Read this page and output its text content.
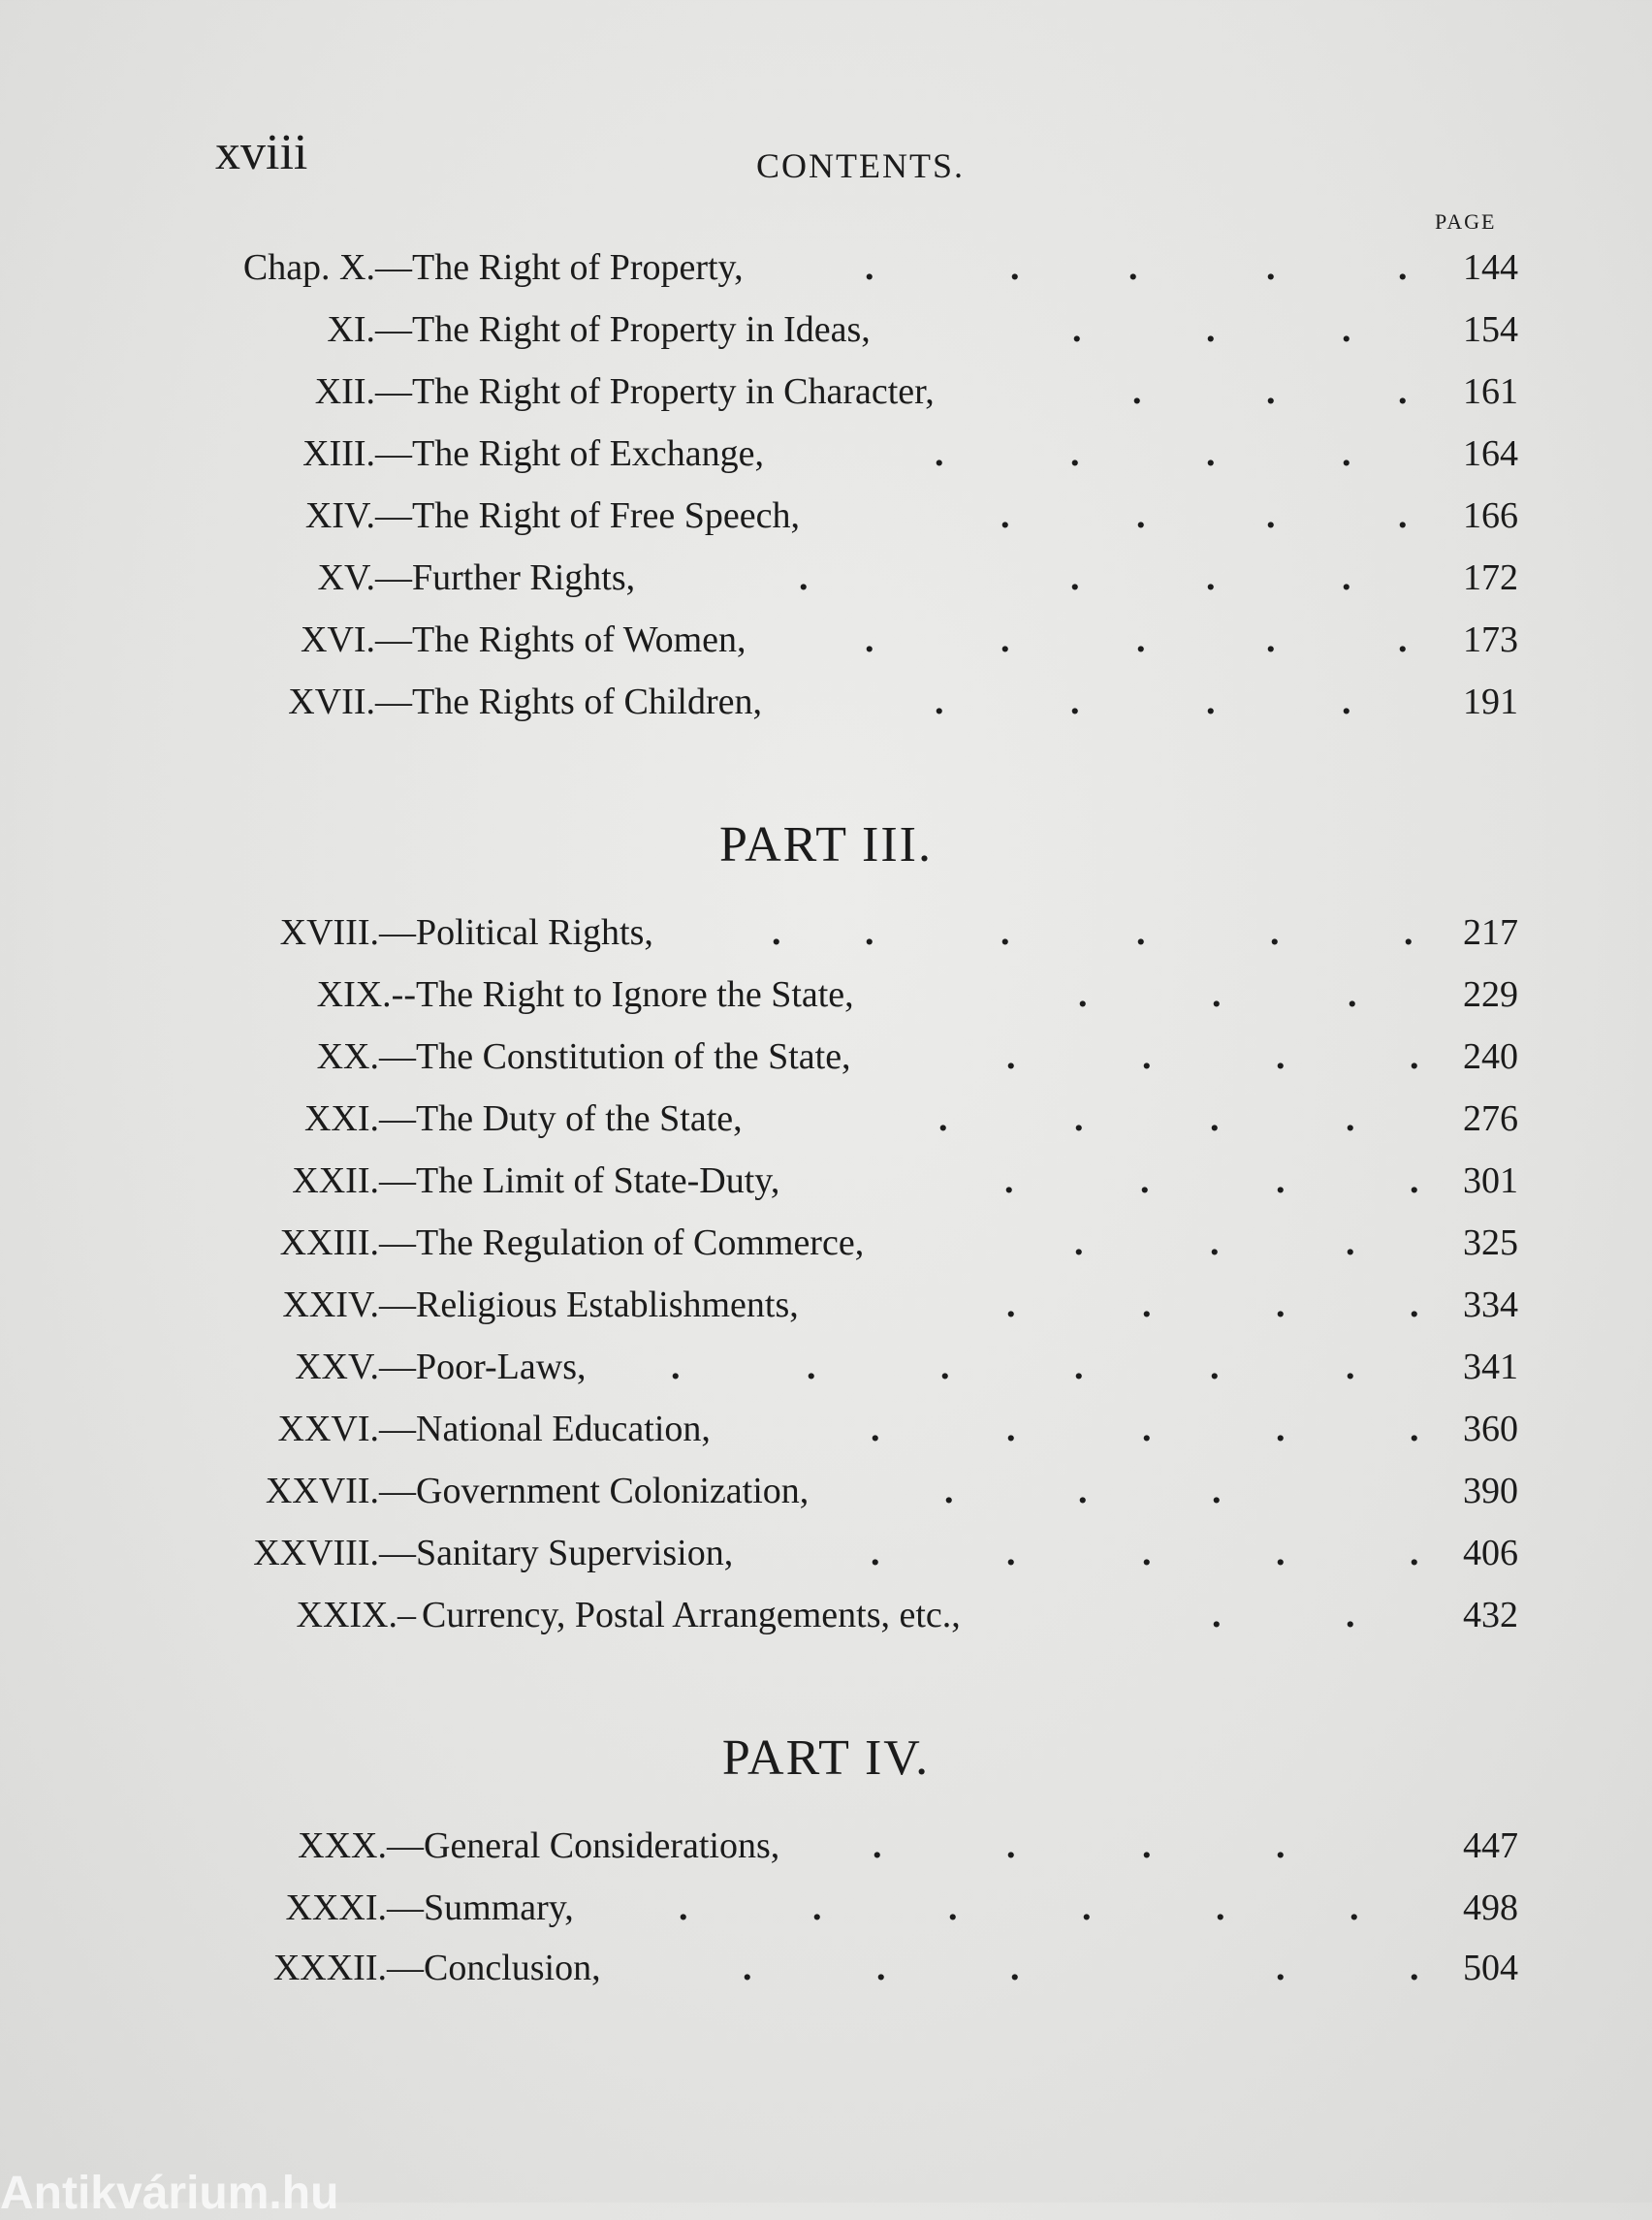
xviii	CONTENTS.
PAGE
PART III.
PART IV.
Chap. X.— The Right of Property,	.	.	.	.	. 144
XI.— The Right of Property in Ideas,	.	.	.	154
XII.— The Right of Property in Character,	.	.	. 161
XIII.— The Right of Exchange,	.	.	.	.	164
XIV.— The Right of Free Speech,	.	.	.	. 166
XV.— Further Rights,	.	.	.	.	172
XVI.— The Rights of Women,	.	.	.	.	. 173
XVII.— The Rights of Children,	.	.	.	.	191
XVIII.— Political Rights,	. .	.	.	.	. 217
XIX.-- The Right to Ignore the State,	.	.	.	229
XX.— The Constitution of the State,	.	.	.	. 240
XXI.— The Duty of the State,	.	.	.	.	276
XXII.— The Limit of State-Duty,	.	.	.	. 301
XXIII.— The Regulation of Commerce,	.	.	.	325
XXIV.— Religious Establishments,	.	.	.	. 334
XXV.— Poor-Laws, .	.	.	.	.	.	341
XXVI.— National Education,	.	.	.	.	. 360
XXVII.— Government Colonization,	.	.	.	390
XXVIII.— Sanitary Supervision,	.	.	.	.	. 406
XXIX.– Currency, Postal Arrangements, etc.,	.	.	432
XXX.— General Considerations,	.	.	.	.	447
XXXI.— Summary,	.	.	.	.	.	.	498
XXXII.— Conclusion,	.	.	.	.	. 504
Antikvárium.hu
